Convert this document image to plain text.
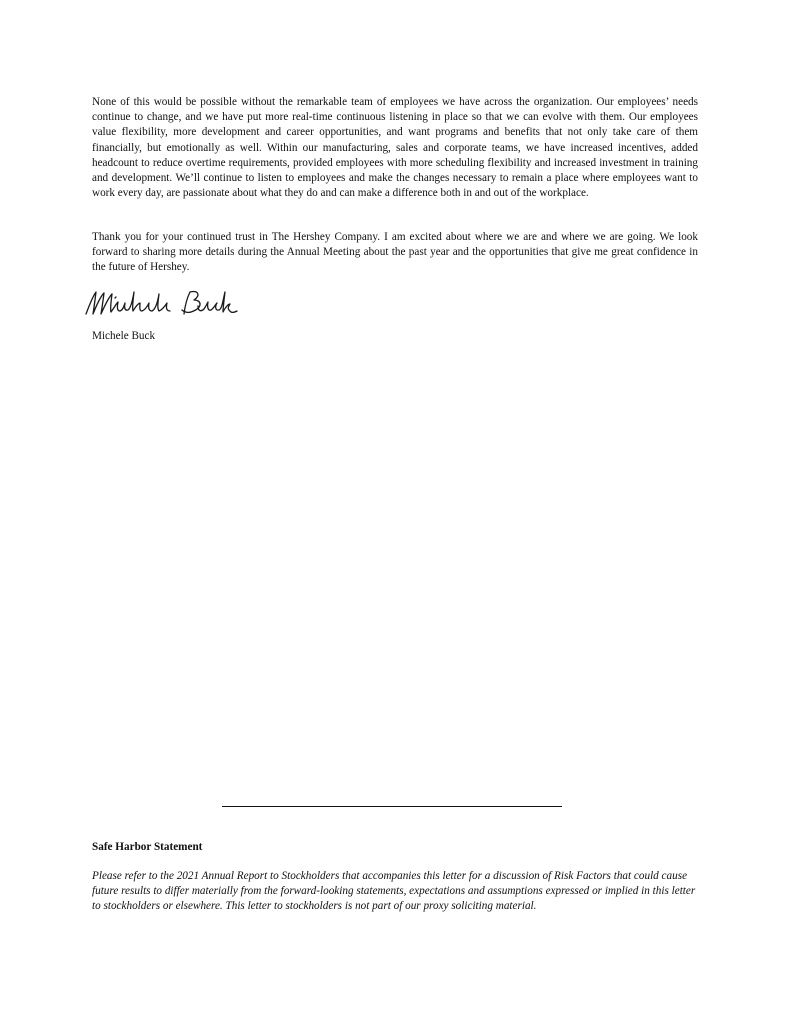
None of this would be possible without the remarkable team of employees we have across the organization. Our employees’ needs continue to change, and we have put more real-time continuous listening in place so that we can evolve with them. Our employees value flexibility, more development and career opportunities, and want programs and benefits that not only take care of them financially, but emotionally as well. Within our manufacturing, sales and corporate teams, we have increased incentives, added headcount to reduce overtime requirements, provided employees with more scheduling flexibility and increased investment in training and development. We’ll continue to listen to employees and make the changes necessary to remain a place where employees want to work every day, are passionate about what they do and can make a difference both in and out of the workplace.

Thank you for your continued trust in The Hershey Company. I am excited about where we are and where we are going. We look forward to sharing more details during the Annual Meeting about the past year and the opportunities that give me great confidence in the future of Hershey.

Michele Buck
Safe Harbor Statement

Please refer to the 2021 Annual Report to Stockholders that accompanies this letter for a discussion of Risk Factors that could cause future results to differ materially from the forward-looking statements, expectations and assumptions expressed or implied in this letter to stockholders or elsewhere. This letter to stockholders is not part of our proxy soliciting material.
